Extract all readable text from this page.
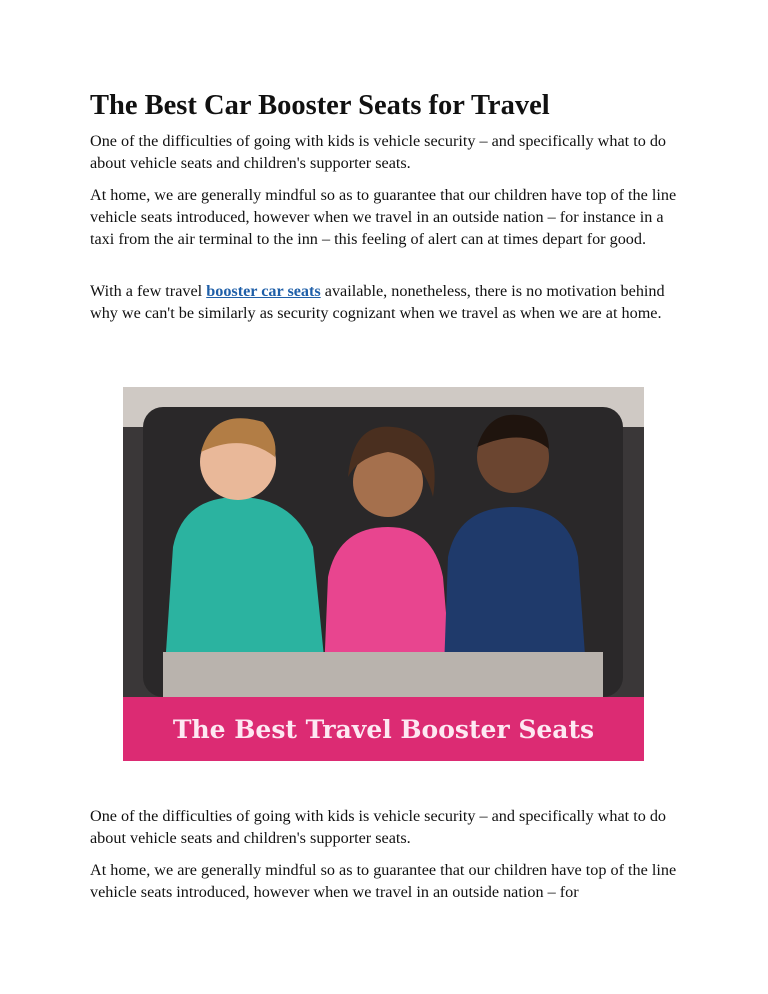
The Best Car Booster Seats for Travel

One of the difficulties of going with kids is vehicle security – and specifically what to do about vehicle seats and children's supporter seats.

At home, we are generally mindful so as to guarantee that our children have top of the line vehicle seats introduced, however when we travel in an outside nation – for instance in a taxi from the air terminal to the inn – this feeling of alert can at times depart for good.

With a few travel booster car seats available, nonetheless, there is no motivation behind why we can't be similarly as security cognizant when we travel as when we are at home.

The Best Travel Booster Seats

One of the difficulties of going with kids is vehicle security – and specifically what to do about vehicle seats and children's supporter seats.

At home, we are generally mindful so as to guarantee that our children have top of the line vehicle seats introduced, however when we travel in an outside nation – for
